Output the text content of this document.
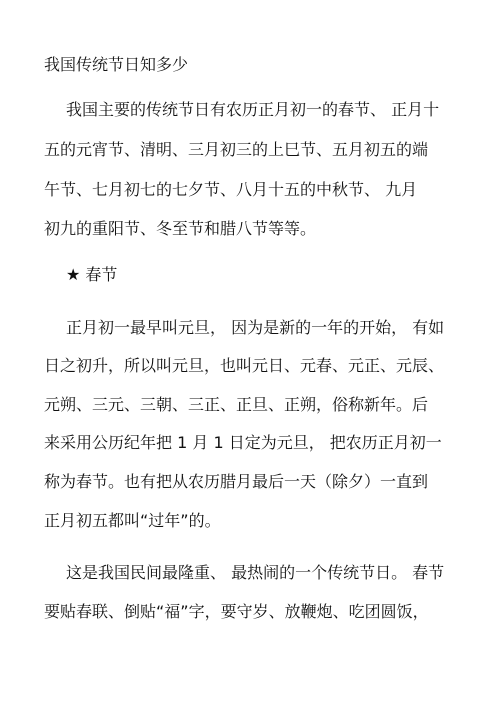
我国传统节日知多少
我国主要的传统节日有农历正月初一的春节、 正月十
五的元宵节、清明、三月初三的上巳节、五月初五的端
午节、七月初七的七夕节、八月十五的中秋节、 九月
初九的重阳节、冬至节和腊八节等等。
★ 春节
正月初一最早叫元旦， 因为是新的一年的开始， 有如
日之初升，所以叫元旦，也叫元日、元春、元正、元辰、
元朔、三元、三朝、三正、正旦、正朔，俗称新年。后
来采用公历纪年把 1 月 1 日定为元旦， 把农历正月初一
称为春节。也有把从农历腊月最后一天（除夕）一直到
正月初五都叫“过年”的。
这是我国民间最隆重、 最热闹的一个传统节日。 春节
要贴春联、倒贴“福”字，要守岁、放鞭炮、吃团圆饭，
